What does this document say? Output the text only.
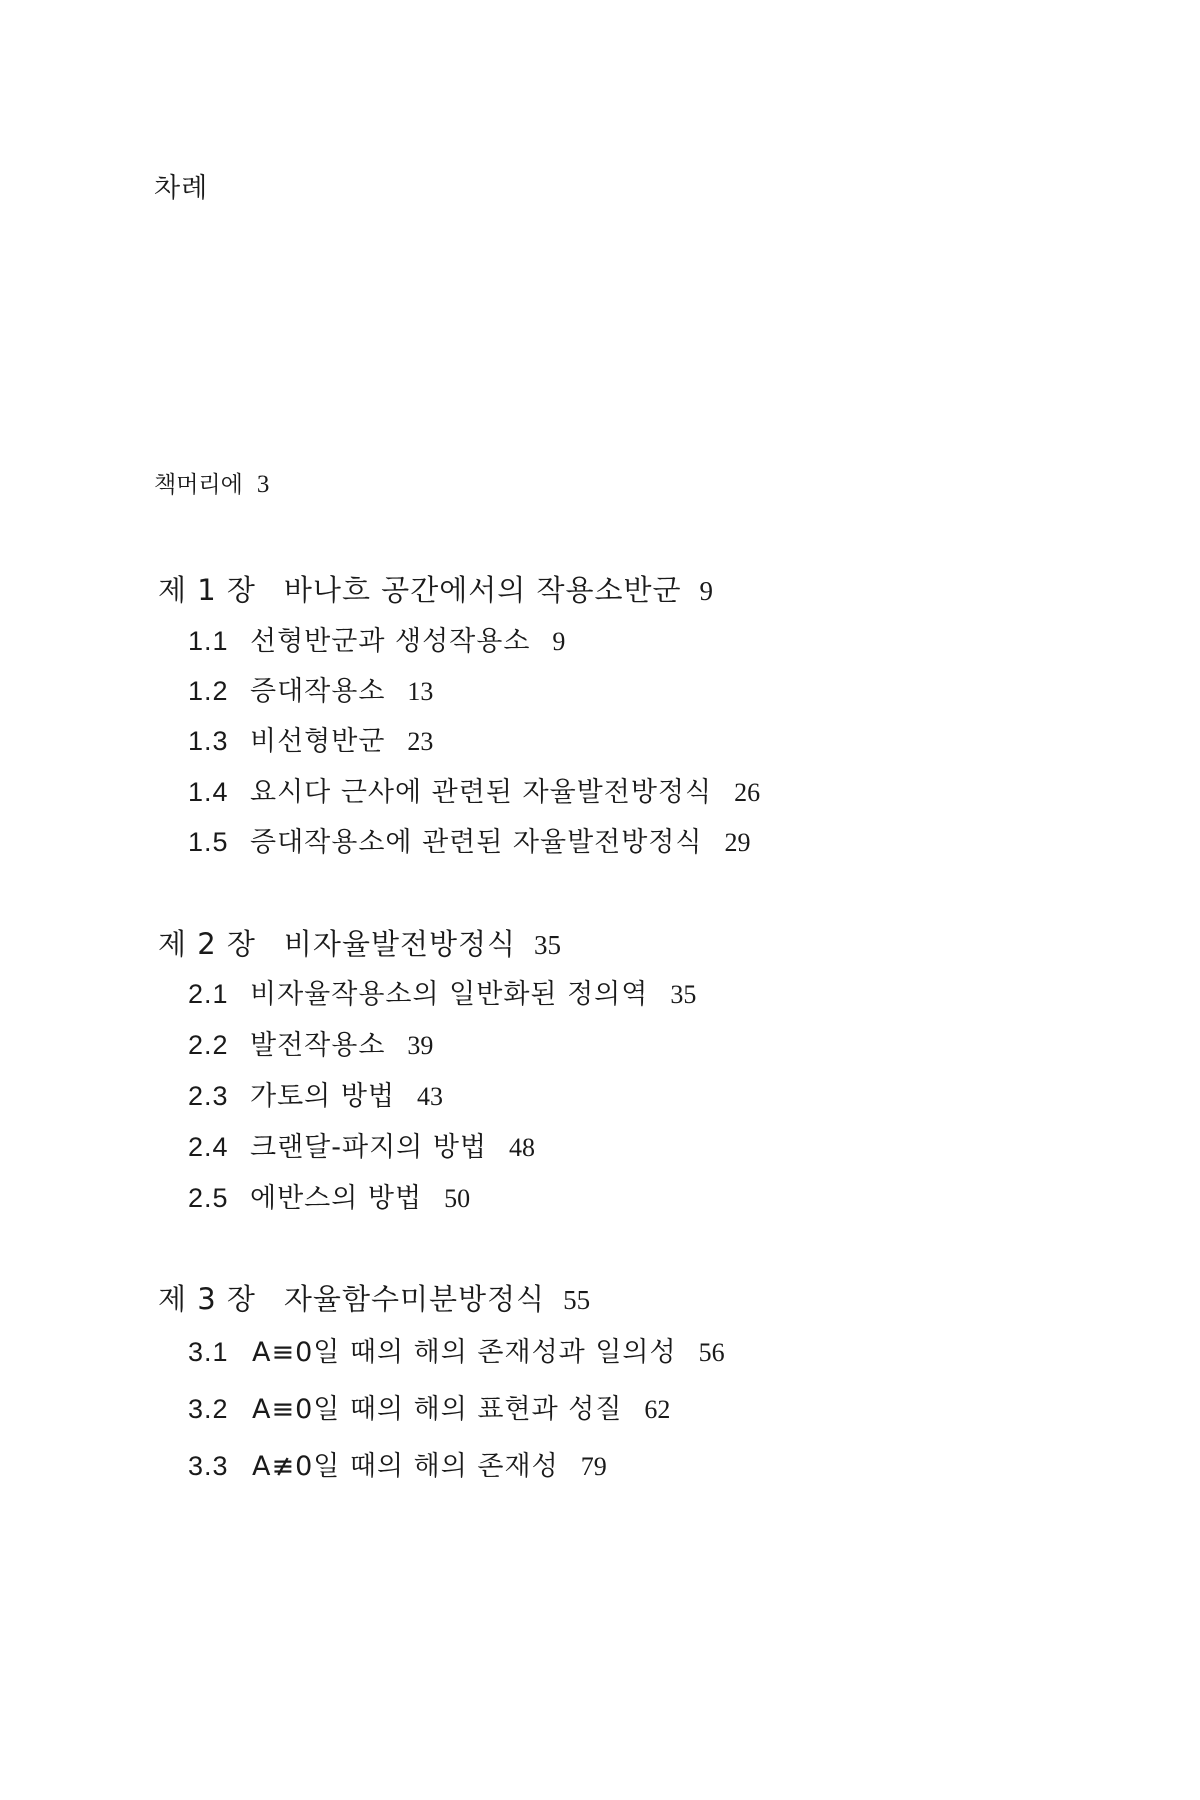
차례
책머리에 3
제 1 장 바나흐 공간에서의 작용소반군 9
1.1 선형반군과 생성작용소 9
1.2 증대작용소 13
1.3 비선형반군 23
1.4 요시다 근사에 관련된 자율발전방정식 26
1.5 증대작용소에 관련된 자율발전방정식 29
제 2 장 비자율발전방정식 35
2.1 비자율작용소의 일반화된 정의역 35
2.2 발전작용소 39
2.3 가토의 방법 43
2.4 크랜달-파지의 방법 48
2.5 에반스의 방법 50
제 3 장 자율함수미분방정식 55
3.1 A≡0일 때의 해의 존재성과 일의성 56
3.2 A≡0일 때의 해의 표현과 성질 62
3.3 A≢0일 때의 해의 존재성 79
